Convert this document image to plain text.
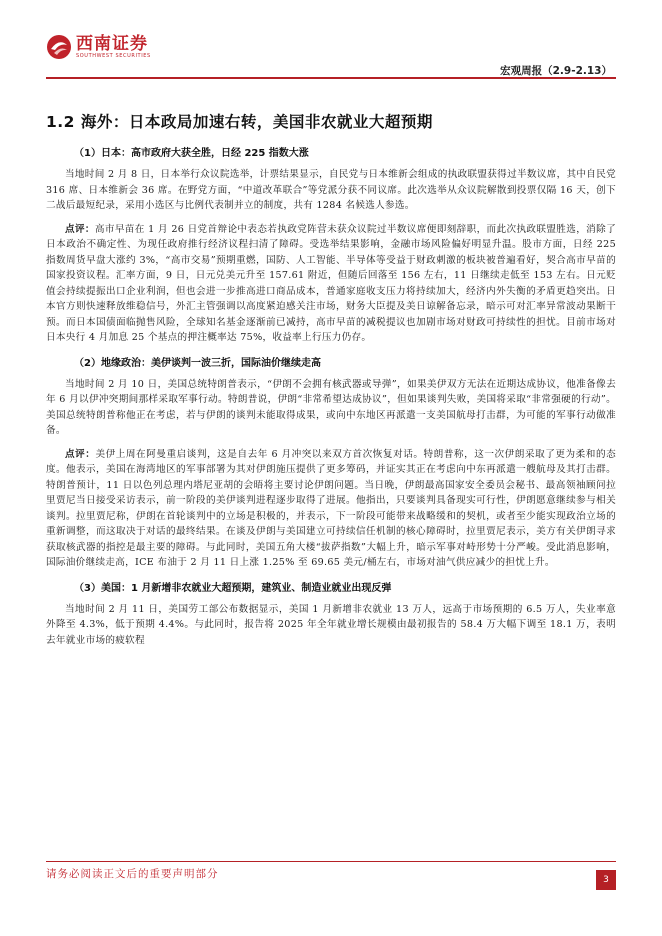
西南证券
SOUTHWEST SECURITIES
宏观周报（2.9-2.13）
1.2 海外：日本政局加速右转，美国非农就业大超预期
（1）日本：高市政府大获全胜，日经 225 指数大涨

当地时间 2 月 8 日，日本举行众议院选举，计票结果显示，自民党与日本维新会组成的执政联盟获得过半数议席，其中自民党 316 席、日本维新会 36 席。在野党方面，“中道改革联合”等党派分获不同议席。此次选举从众议院解散到投票仅隔 16 天，创下二战后最短纪录，采用小选区与比例代表制并立的制度，共有 1284 名候选人参选。

点评：高市早苗在 1 月 26 日党首辩论中表态若执政党阵营未获众议院过半数议席便即刻辞职，而此次执政联盟胜选，消除了日本政治不确定性、为现任政府推行经济议程扫清了障碍。受选举结果影响，金融市场风险偏好明显升温。股市方面，日经 225 指数周货早盘大涨约 3%，“高市交易”预期重燃，国防、人工智能、半导体等受益于财政刺激的板块被普遍看好，契合高市早苗的国家投资议程。汇率方面，9 日，日元兑美元升至 157.61 附近，但随后回落至 156 左右，11 日继续走低至 153 左右。日元贬值会持续提振出口企业利润，但也会进一步推高进口商品成本，普通家庭收支压力将持续加大，经济内外失衡的矛盾更趋突出。日本官方则快速释放维稳信号，外汇主管强调以高度紧迫感关注市场，财务大臣提及美日谅解备忘录，暗示可对汇率异常波动果断干预。而日本国债面临抛售风险，全球知名基金逐渐前已减持，高市早苗的减税提议也加剧市场对财政可持续性的担忧。目前市场对日本央行 4 月加息 25 个基点的押注概率达 75%，收益率上行压力仍存。

（2）地缘政治：美伊谈判一波三折，国际油价继续走高

当地时间 2 月 10 日，美国总统特朗普表示，“伊朗不会拥有核武器或导弹”，如果美伊双方无法在近期达成协议，他准备像去年 6 月以伊冲突期间那样采取军事行动。特朗普说，伊朗“非常希望达成协议”，但如果谈判失败，美国将采取“非常强硬的行动”。美国总统特朗普称他正在考虑，若与伊朗的谈判未能取得成果，或向中东地区再派遣一支美国航母打击群，为可能的军事行动做准备。

点评：美伊上周在阿曼重启谈判，这是自去年 6 月冲突以来双方首次恢复对话。特朗普称，这一次伊朗采取了更为柔和的态度。他表示，美国在海湾地区的军事部署为其对伊朗施压提供了更多筹码，并证实其正在考虑向中东再派遣一艘航母及其打击群。特朗普预计，11 日以色列总理内塔尼亚胡的会晤将主要讨论伊朗问题。当日晚，伊朗最高国家安全委员会秘书、最高领袖顾问拉里贾尼当日接受采访表示，前一阶段的美伊谈判进程逐步取得了进展。他指出，只要谈判具备现实可行性，伊朗愿意继续参与相关谈判。拉里贾尼称，伊朗在首轮谈判中的立场是积极的，并表示，下一阶段可能带来战略缓和的契机，或者至少能实现政治立场的重新调整，而这取决于对话的最终结果。在谈及伊朗与美国建立可持续信任机制的核心障碍时，拉里贾尼表示，美方有关伊朗寻求获取核武器的指控是最主要的障碍。与此同时，美国五角大楼“拔萨指数”大幅上升，暗示军事对峙形势十分严峻。受此消息影响，国际油价继续走高，ICE 布油于 2 月 11 日上涨 1.25% 至 69.65 美元/桶左右，市场对油气供应减少的担忧上升。

（3）美国：1 月新增非农就业大超预期，建筑业、制造业就业出现反弹

当地时间 2 月 11 日，美国劳工部公布数据显示，美国 1 月新增非农就业 13 万人，远高于市场预期的 6.5 万人，失业率意外降至 4.3%，低于预期 4.4%。与此同时，报告将 2025 年全年就业增长规模由最初报告的 58.4 万大幅下调至 18.1 万，表明去年就业市场的疲软程

请务必阅读正文后的重要声明部分	3
